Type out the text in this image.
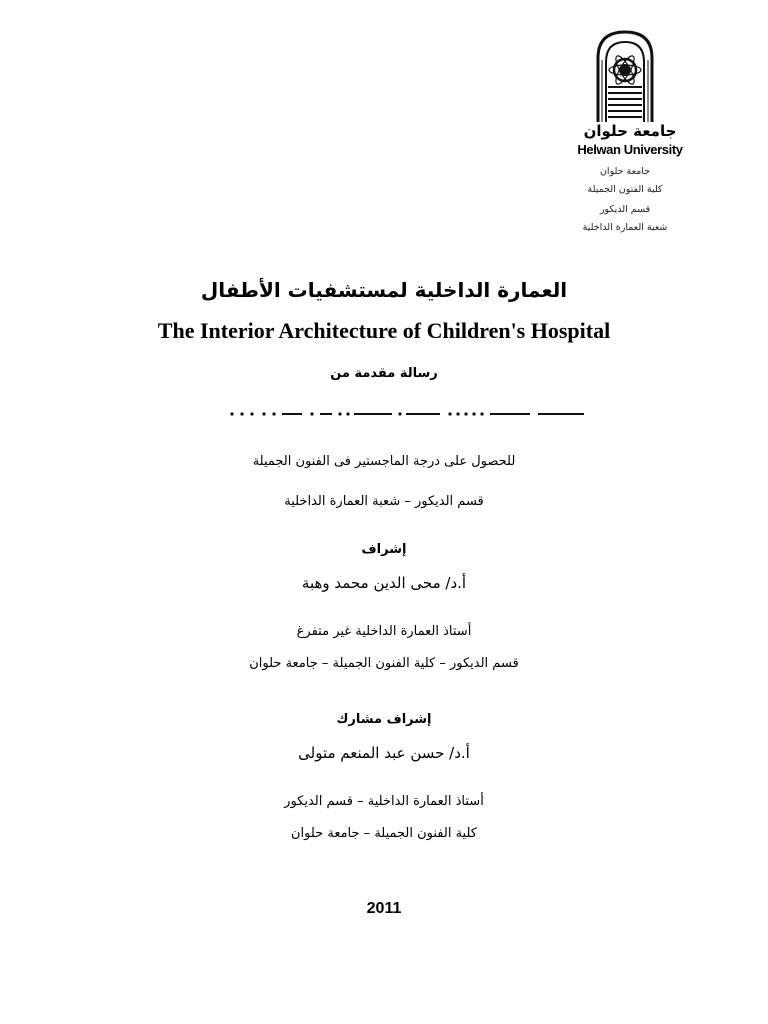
جامعة حلوان
Helwan University
جامعة حلوان
كلية الفنون الجميلة
قسم الديكور
شعبة العمارة الداخلية
العمارة الداخلية لمستشفيات الأطفال
The Interior Architecture of Children's Hospital
رسالة مقدمة من
للحصول على درجة الماجستير فى الفنون الجميلة
قسم الديكور – شعبة العمارة الداخلية
إشراف
أ.د/ محى الدين محمد وهبة
أستاذ العمارة الداخلية غير متفرغ
قسم الديكور – كلية الفنون الجميلة – جامعة حلوان
إشراف مشارك
أ.د/ حسن عبد المنعم متولى
أستاذ العمارة الداخلية – قسم الديكور
كلية الفنون الجميلة – جامعة حلوان
2011
